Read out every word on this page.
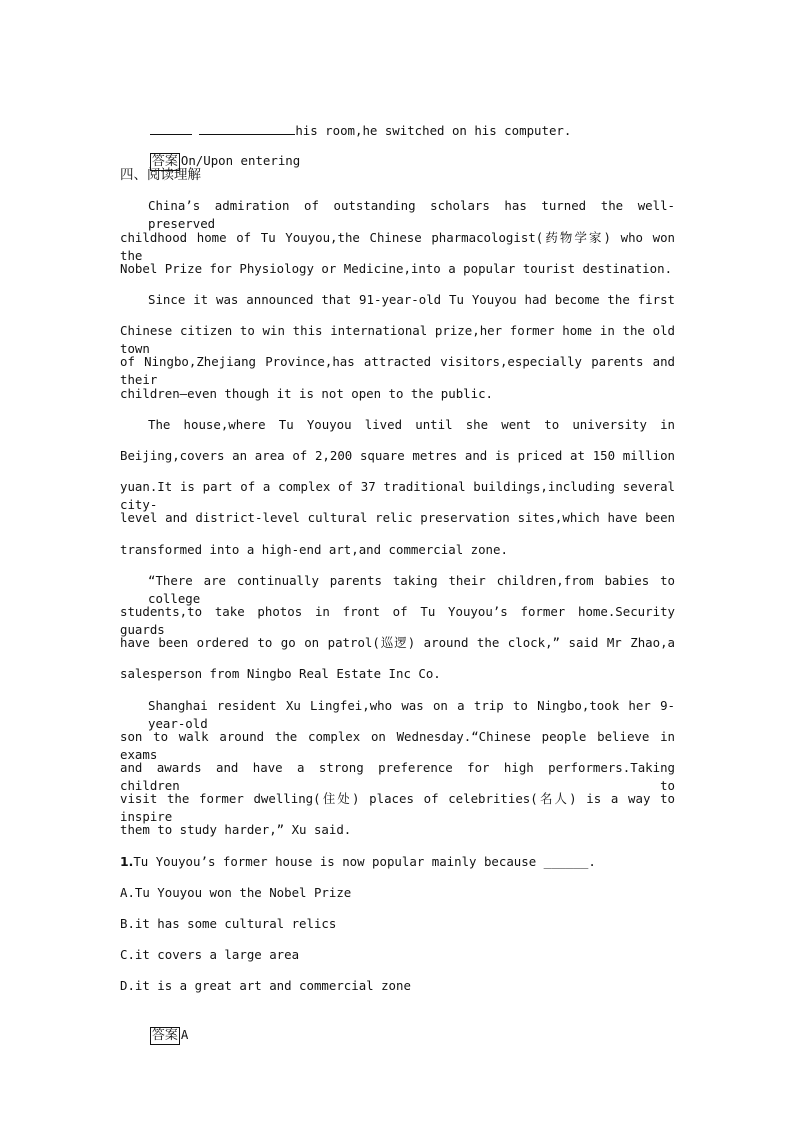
his room,he switched on his computer.

答案 On/Upon entering

四、阅读理解
China’s admiration of outstanding scholars has turned the well-preserved
childhood home of Tu Youyou,the Chinese pharmacologist(药物学家) who won the
Nobel Prize for Physiology or Medicine,into a popular tourist destination.
Since it was announced that 91-year-old Tu Youyou had become the first
Chinese citizen to win this international prize,her former home in the old town
of Ningbo,Zhejiang Province,has attracted visitors,especially parents and their
children—even though it is not open to the public.
The house,where Tu Youyou lived until she went to university in
Beijing,covers an area of 2,200 square metres and is priced at 150 million
yuan.It is part of a complex of 37 traditional buildings,including several city-
level and district-level cultural relic preservation sites,which have been
transformed into a high-end art,and commercial zone.
“There are continually parents taking their children,from babies to college
students,to take photos in front of Tu Youyou’s former home.Security guards
have been ordered to go on patrol(巡逻) around the clock,” said Mr Zhao,a
salesperson from Ningbo Real Estate Inc Co.
Shanghai resident Xu Lingfei,who was on a trip to Ningbo,took her 9-year-old
son to walk around the complex on Wednesday.“Chinese people believe in exams
and awards and have a strong preference for high performers.Taking children to
visit the former dwelling(住处) places of celebrities(名人) is a way to inspire
them to study harder,” Xu said.
1.Tu Youyou’s former house is now popular mainly because ______.
A.Tu Youyou won the Nobel Prize
B.it has some cultural relics
C.it covers a large area
D.it is a great art and commercial zone

答案 A
